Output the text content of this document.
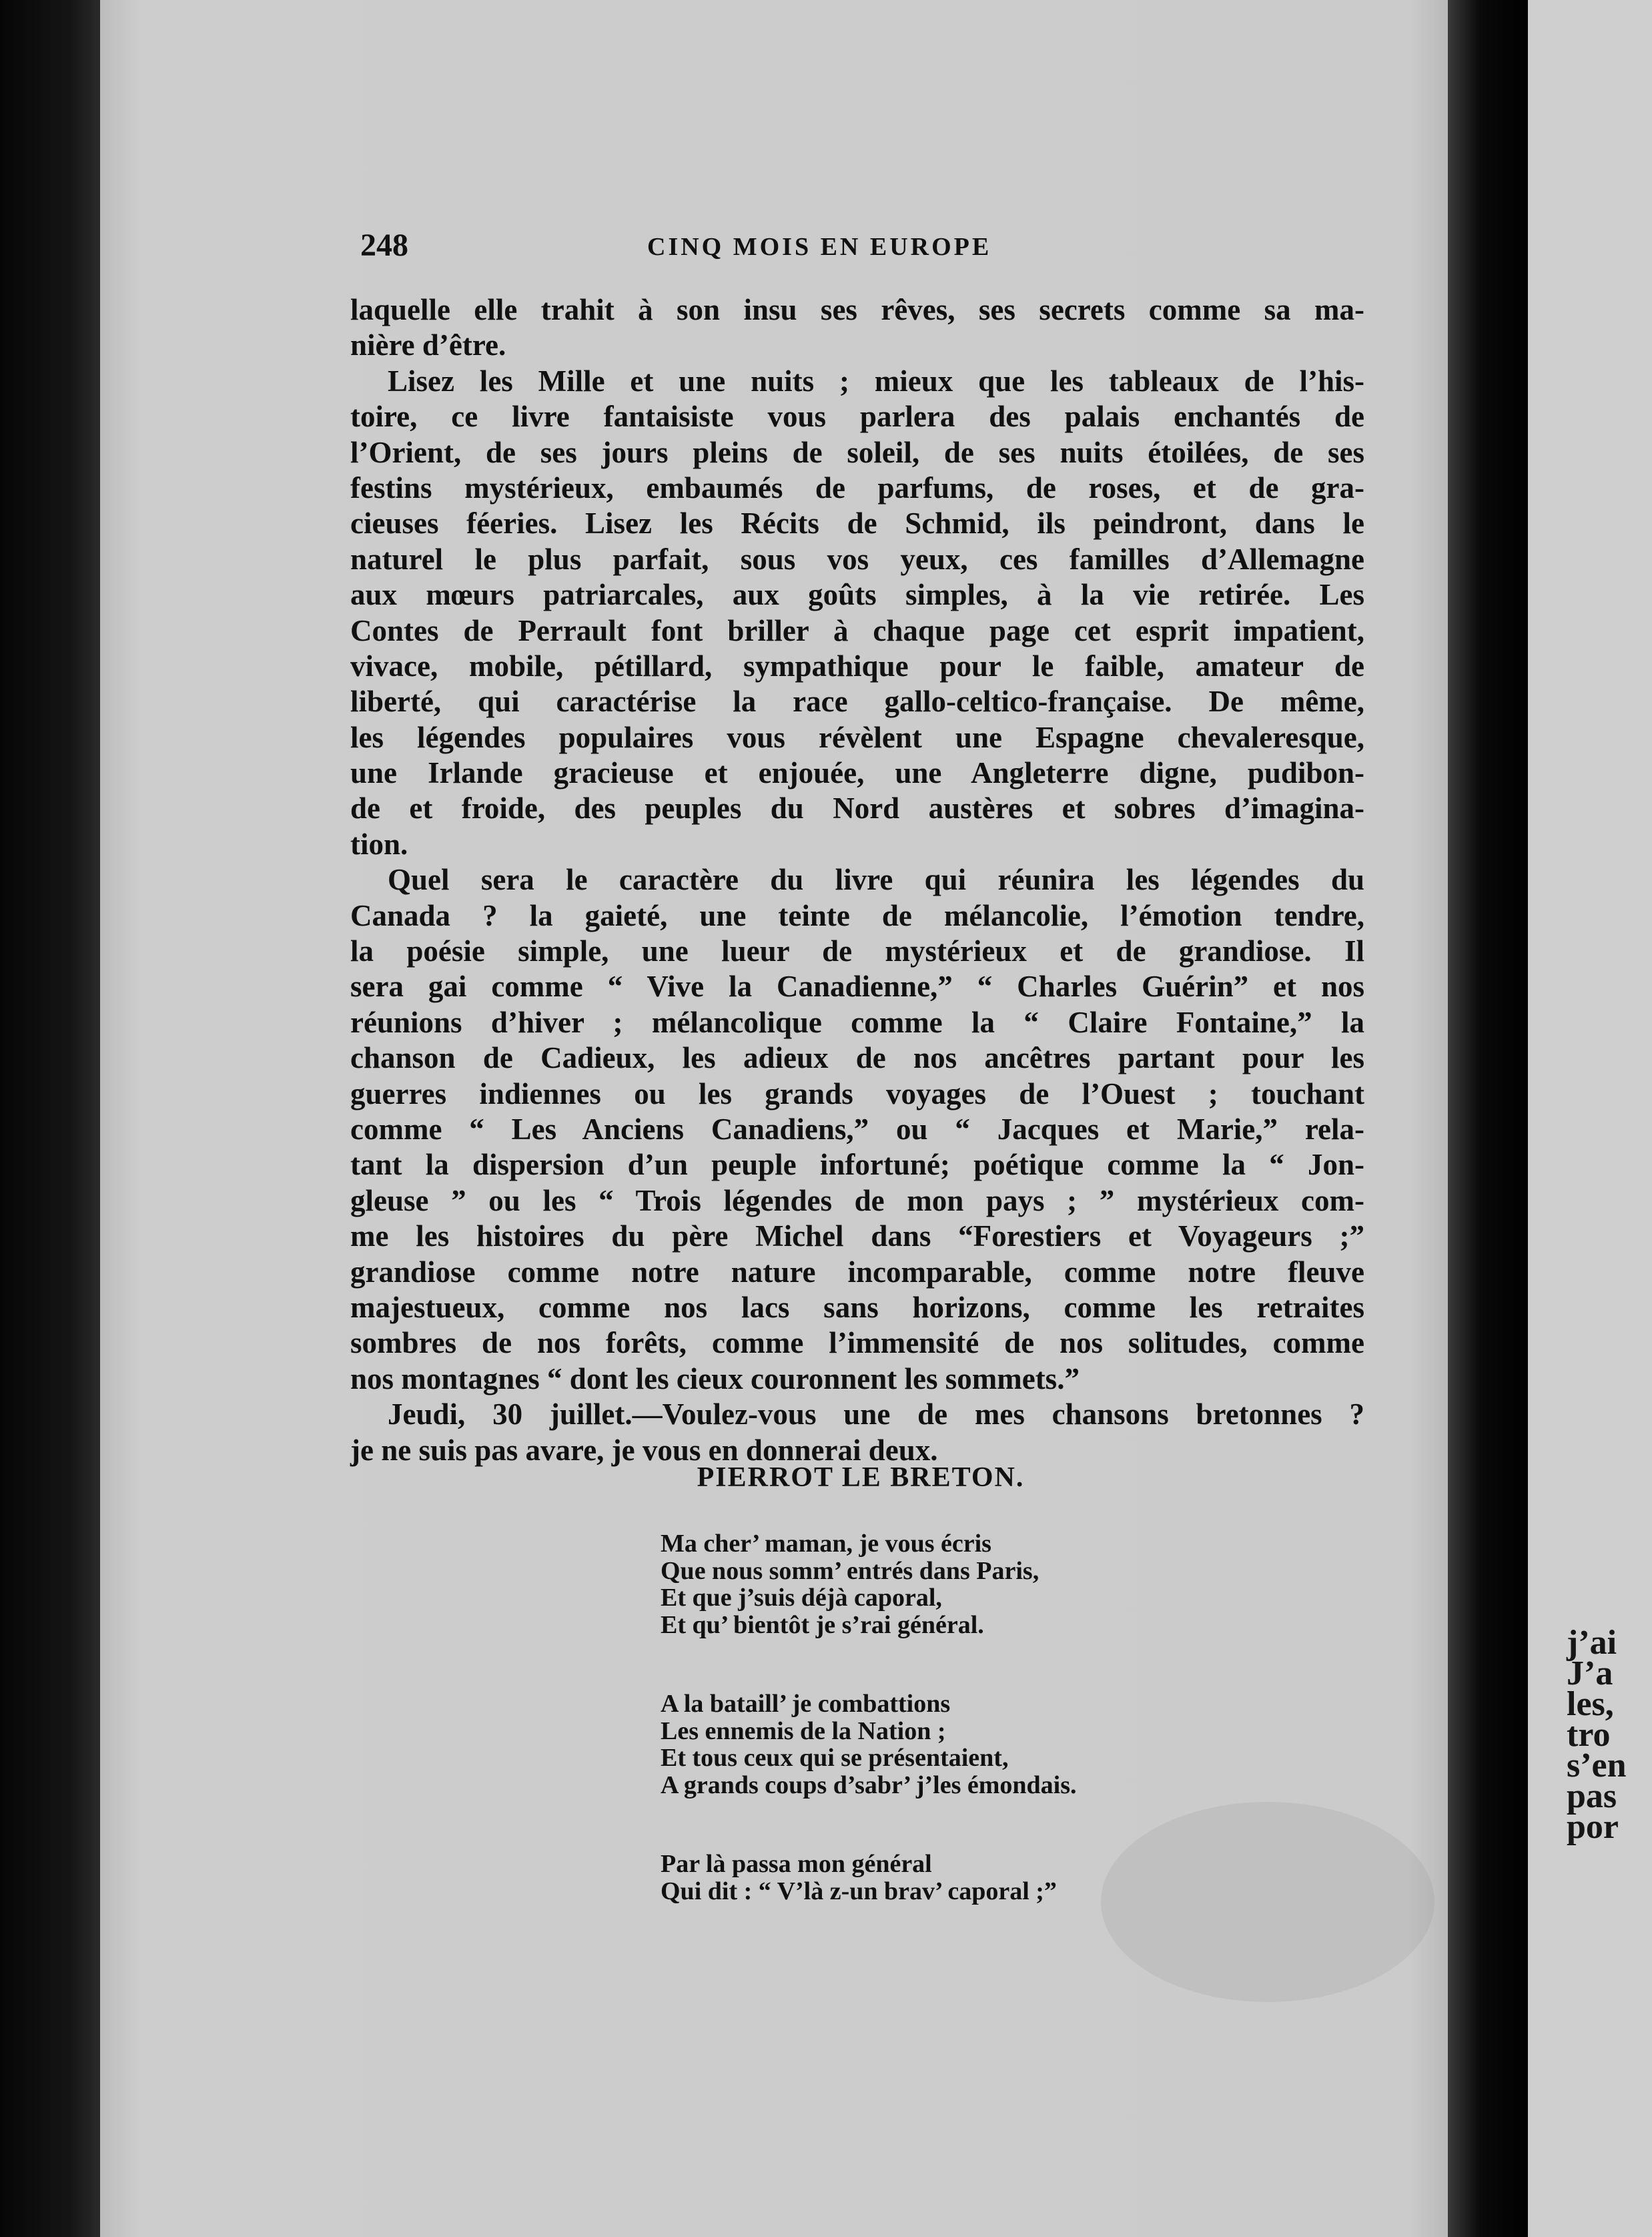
248	CINQ MOIS EN EUROPE
laquelle elle trahit à son insu ses rêves, ses secrets comme sa ma-
nière d’être.
Lisez les Mille et une nuits ; mieux que les tableaux de l’his-
toire, ce livre fantaisiste vous parlera des palais enchantés de
l’Orient, de ses jours pleins de soleil, de ses nuits étoilées, de ses
festins mystérieux, embaumés de parfums, de roses, et de gra-
cieuses féeries. Lisez les Récits de Schmid, ils peindront, dans le
naturel le plus parfait, sous vos yeux, ces familles d’Allemagne
aux mœurs patriarcales, aux goûts simples, à la vie retirée. Les
Contes de Perrault font briller à chaque page cet esprit impatient,
vivace, mobile, pétillard, sympathique pour le faible, amateur de
liberté, qui caractérise la race gallo-celtico-française. De même,
les légendes populaires vous révèlent une Espagne chevaleresque,
une Irlande gracieuse et enjouée, une Angleterre digne, pudibon-
de et froide, des peuples du Nord austères et sobres d’imagina-
tion.
Quel sera le caractère du livre qui réunira les légendes du
Canada ? la gaieté, une teinte de mélancolie, l’émotion tendre,
la poésie simple, une lueur de mystérieux et de grandiose. Il
sera gai comme “ Vive la Canadienne,” “ Charles Guérin” et nos
réunions d’hiver ; mélancolique comme la “ Claire Fontaine,” la
chanson de Cadieux, les adieux de nos ancêtres partant pour les
guerres indiennes ou les grands voyages de l’Ouest ; touchant
comme “ Les Anciens Canadiens,” ou “ Jacques et Marie,” rela-
tant la dispersion d’un peuple infortuné; poétique comme la “ Jon-
gleuse ” ou les “ Trois légendes de mon pays ; ” mystérieux com-
me les histoires du père Michel dans “Forestiers et Voyageurs ;”
grandiose comme notre nature incomparable, comme notre fleuve
majestueux, comme nos lacs sans horizons, comme les retraites
sombres de nos forêts, comme l’immensité de nos solitudes, comme
nos montagnes “ dont les cieux couronnent les sommets.”
Jeudi, 30 juillet.—Voulez-vous une de mes chansons bretonnes ?
je ne suis pas avare, je vous en donnerai deux.
PIERROT LE BRETON.
Ma cher’ maman, je vous écris
Que nous somm’ entrés dans Paris,
Et que j’suis déjà caporal,
Et qu’ bientôt je s’rai général.
A la bataill’ je combattions
Les ennemis de la Nation ;
Et tous ceux qui se présentaient,
A grands coups d’sabr’ j’les émondais.
Par là passa mon général
Qui dit : “ V’là z-un brav’ caporal ;”
j’ai
J’a
les,
tro
s’en
pas
por
